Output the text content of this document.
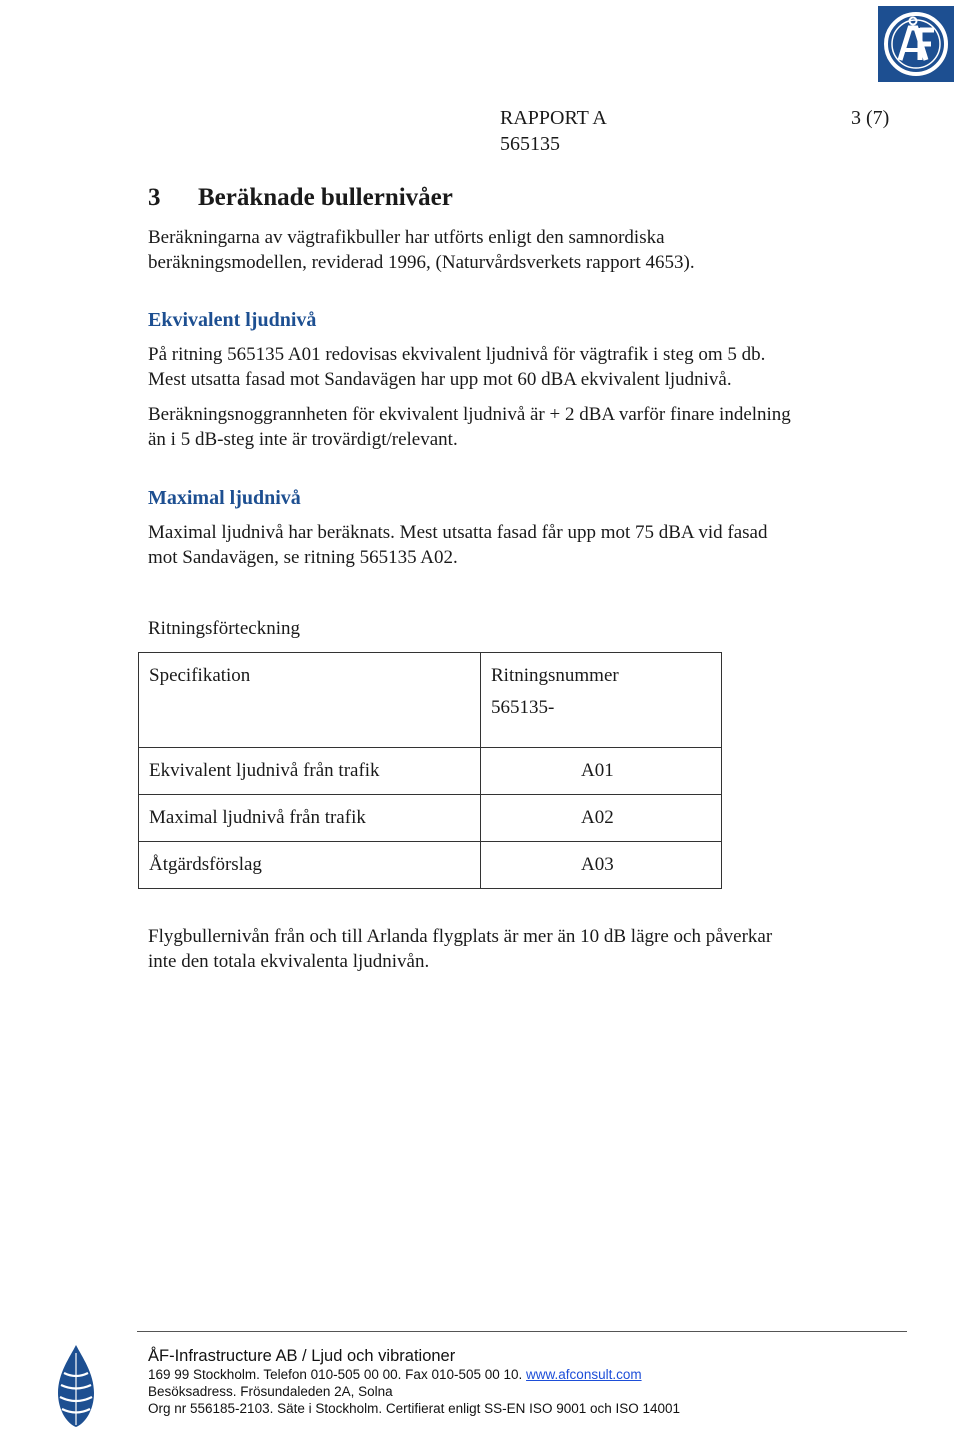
RAPPORT A
565135
3 (7)
3 Beräknade bullernivåer

Beräkningarna av vägtrafikbuller har utförts enligt den samnordiska

beräkningsmodellen, reviderad 1996, (Naturvårdsverkets rapport 4653).

Ekvivalent ljudnivå

På ritning 565135 A01 redovisas ekvivalent ljudnivå för vägtrafik i steg om 5 db.

Mest utsatta fasad mot Sandavägen har upp mot 60 dBA ekvivalent ljudnivå.

Beräkningsnoggrannheten för ekvivalent ljudnivå är + 2 dBA varför finare indelning

än i 5 dB-steg inte är trovärdigt/relevant.

Maximal ljudnivå

Maximal ljudnivå har beräknats. Mest utsatta fasad får upp mot 75 dBA vid fasad

mot Sandavägen, se ritning 565135 A02.

Ritningsförteckning
Specifikation	Ritningsnummer
565135-

Ekvivalent ljudnivå från trafik	A01

Maximal ljudnivå från trafik	A02

Åtgärdsförslag	A03

Flygbullernivån från och till Arlanda flygplats är mer än 10 dB lägre och påverkar

inte den totala ekvivalenta ljudnivån.

ÅF-Infrastructure AB / Ljud och vibrationer
169 99 Stockholm. Telefon 010-505 00 00. Fax 010-505 00 10. www.afconsult.com
Besöksadress. Frösundaleden 2A, Solna
Org nr 556185-2103. Säte i Stockholm. Certifierat enligt SS-EN ISO 9001 och ISO 14001
